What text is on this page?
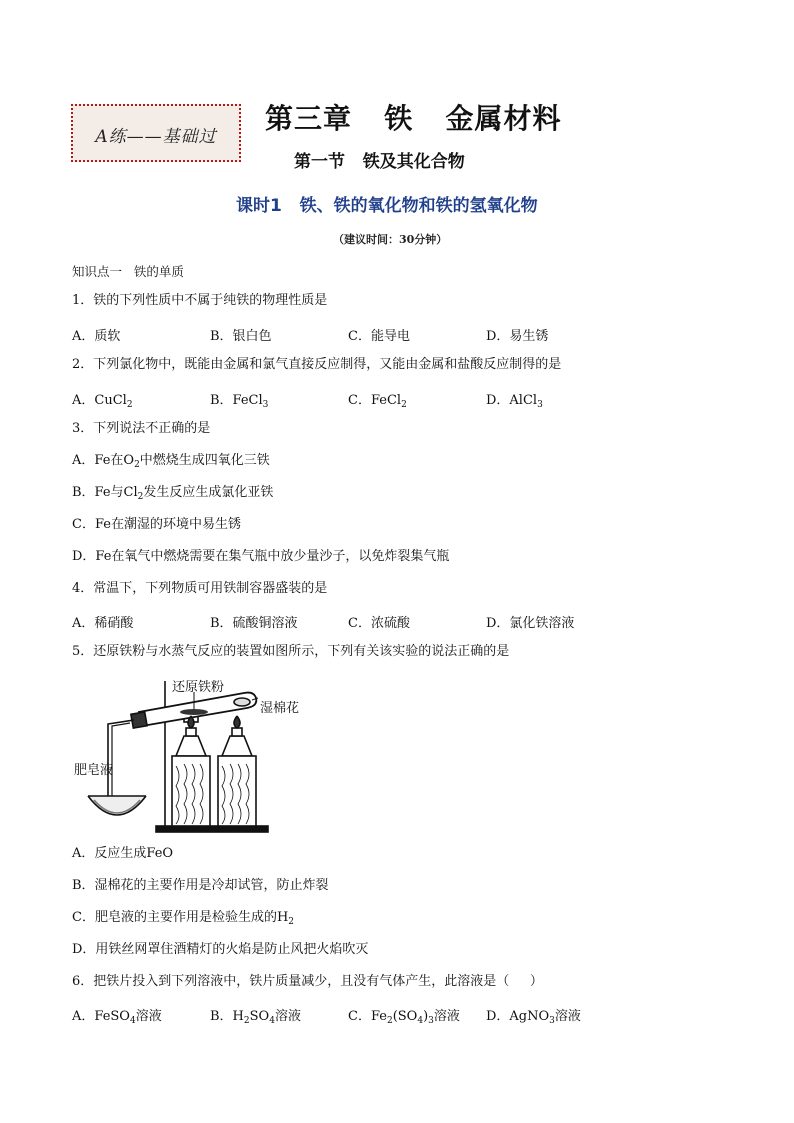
A练——基础过
第三章   铁   金属材料
第一节   铁及其化合物
课时1   铁、铁的氧化物和铁的氢氧化物
（建议时间：30分钟）
知识点一   铁的单质
1．铁的下列性质中不属于纯铁的物理性质是
A．质软	B．银白色	C．能导电	D．易生锈
2．下列氯化物中，既能由金属和氯气直接反应制得，又能由金属和盐酸反应制得的是
A．CuCl$_2$	B．FeCl$_3$	C．FeCl$_2$	D．AlCl$_3$
3．下列说法不正确的是
A．Fe在$O_2$中燃烧生成四氧化三铁
B．Fe与$Cl_2$发生反应生成氯化亚铁
C．Fe在潮湿的环境中易生锈
D．Fe在氧气中燃烧需要在集气瓶中放少量沙子，以免炸裂集气瓶
4．常温下，下列物质可用铁制容器盛装的是
A．稀硝酸	B．硫酸铜溶液	C．浓硫酸	D．氯化铁溶液
5．还原铁粉与水蒸气反应的装置如图所示，下列有关该实验的说法正确的是
还原铁粉
湿棉花
肥皂液
A．反应生成FeO
B．湿棉花的主要作用是冷却试管，防止炸裂
C．肥皂液的主要作用是检验生成的$H_2$
D．用铁丝网罩住酒精灯的火焰是防止风把火焰吹灭
6．把铁片投入到下列溶液中，铁片质量减少，且没有气体产生，此溶液是（     ）
A．FeSO$_4$溶液	B．$H_2SO_4$溶液	C．$Fe_2(SO_4)_3$溶液 D．AgNO$_3$溶液
